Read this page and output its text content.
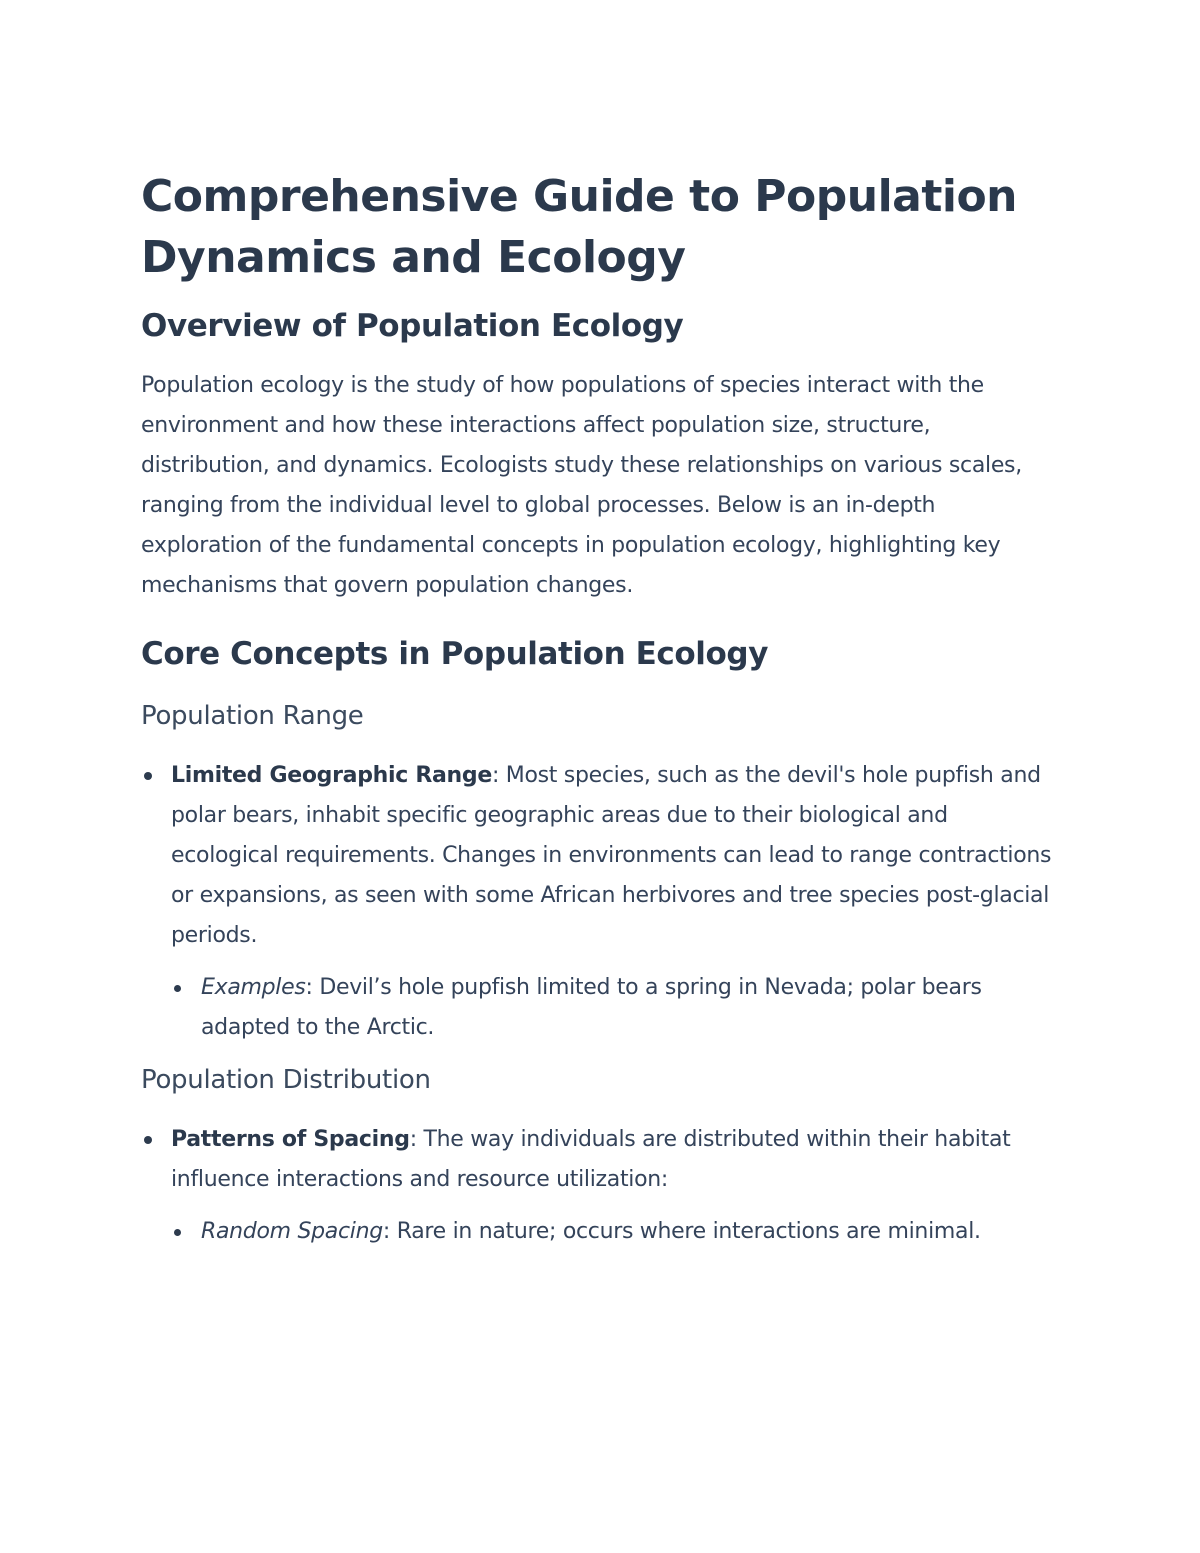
Comprehensive Guide to Population Dynamics and Ecology
Overview of Population Ecology

Population ecology is the study of how populations of species interact with the environment and how these interactions affect population size, structure, distribution, and dynamics. Ecologists study these relationships on various scales, ranging from the individual level to global processes. Below is an in-depth exploration of the fundamental concepts in population ecology, highlighting key mechanisms that govern population changes.

Core Concepts in Population Ecology
Population Range
Limited Geographic Range: Most species, such as the devil's hole pupfish and polar bears, inhabit specific geographic areas due to their biological and ecological requirements. Changes in environments can lead to range contractions or expansions, as seen with some African herbivores and tree species post-glacial periods.
Examples: Devil’s hole pupfish limited to a spring in Nevada; polar bears adapted to the Arctic.
Population Distribution
Patterns of Spacing: The way individuals are distributed within their habitat influence interactions and resource utilization:
Random Spacing: Rare in nature; occurs where interactions are minimal.
